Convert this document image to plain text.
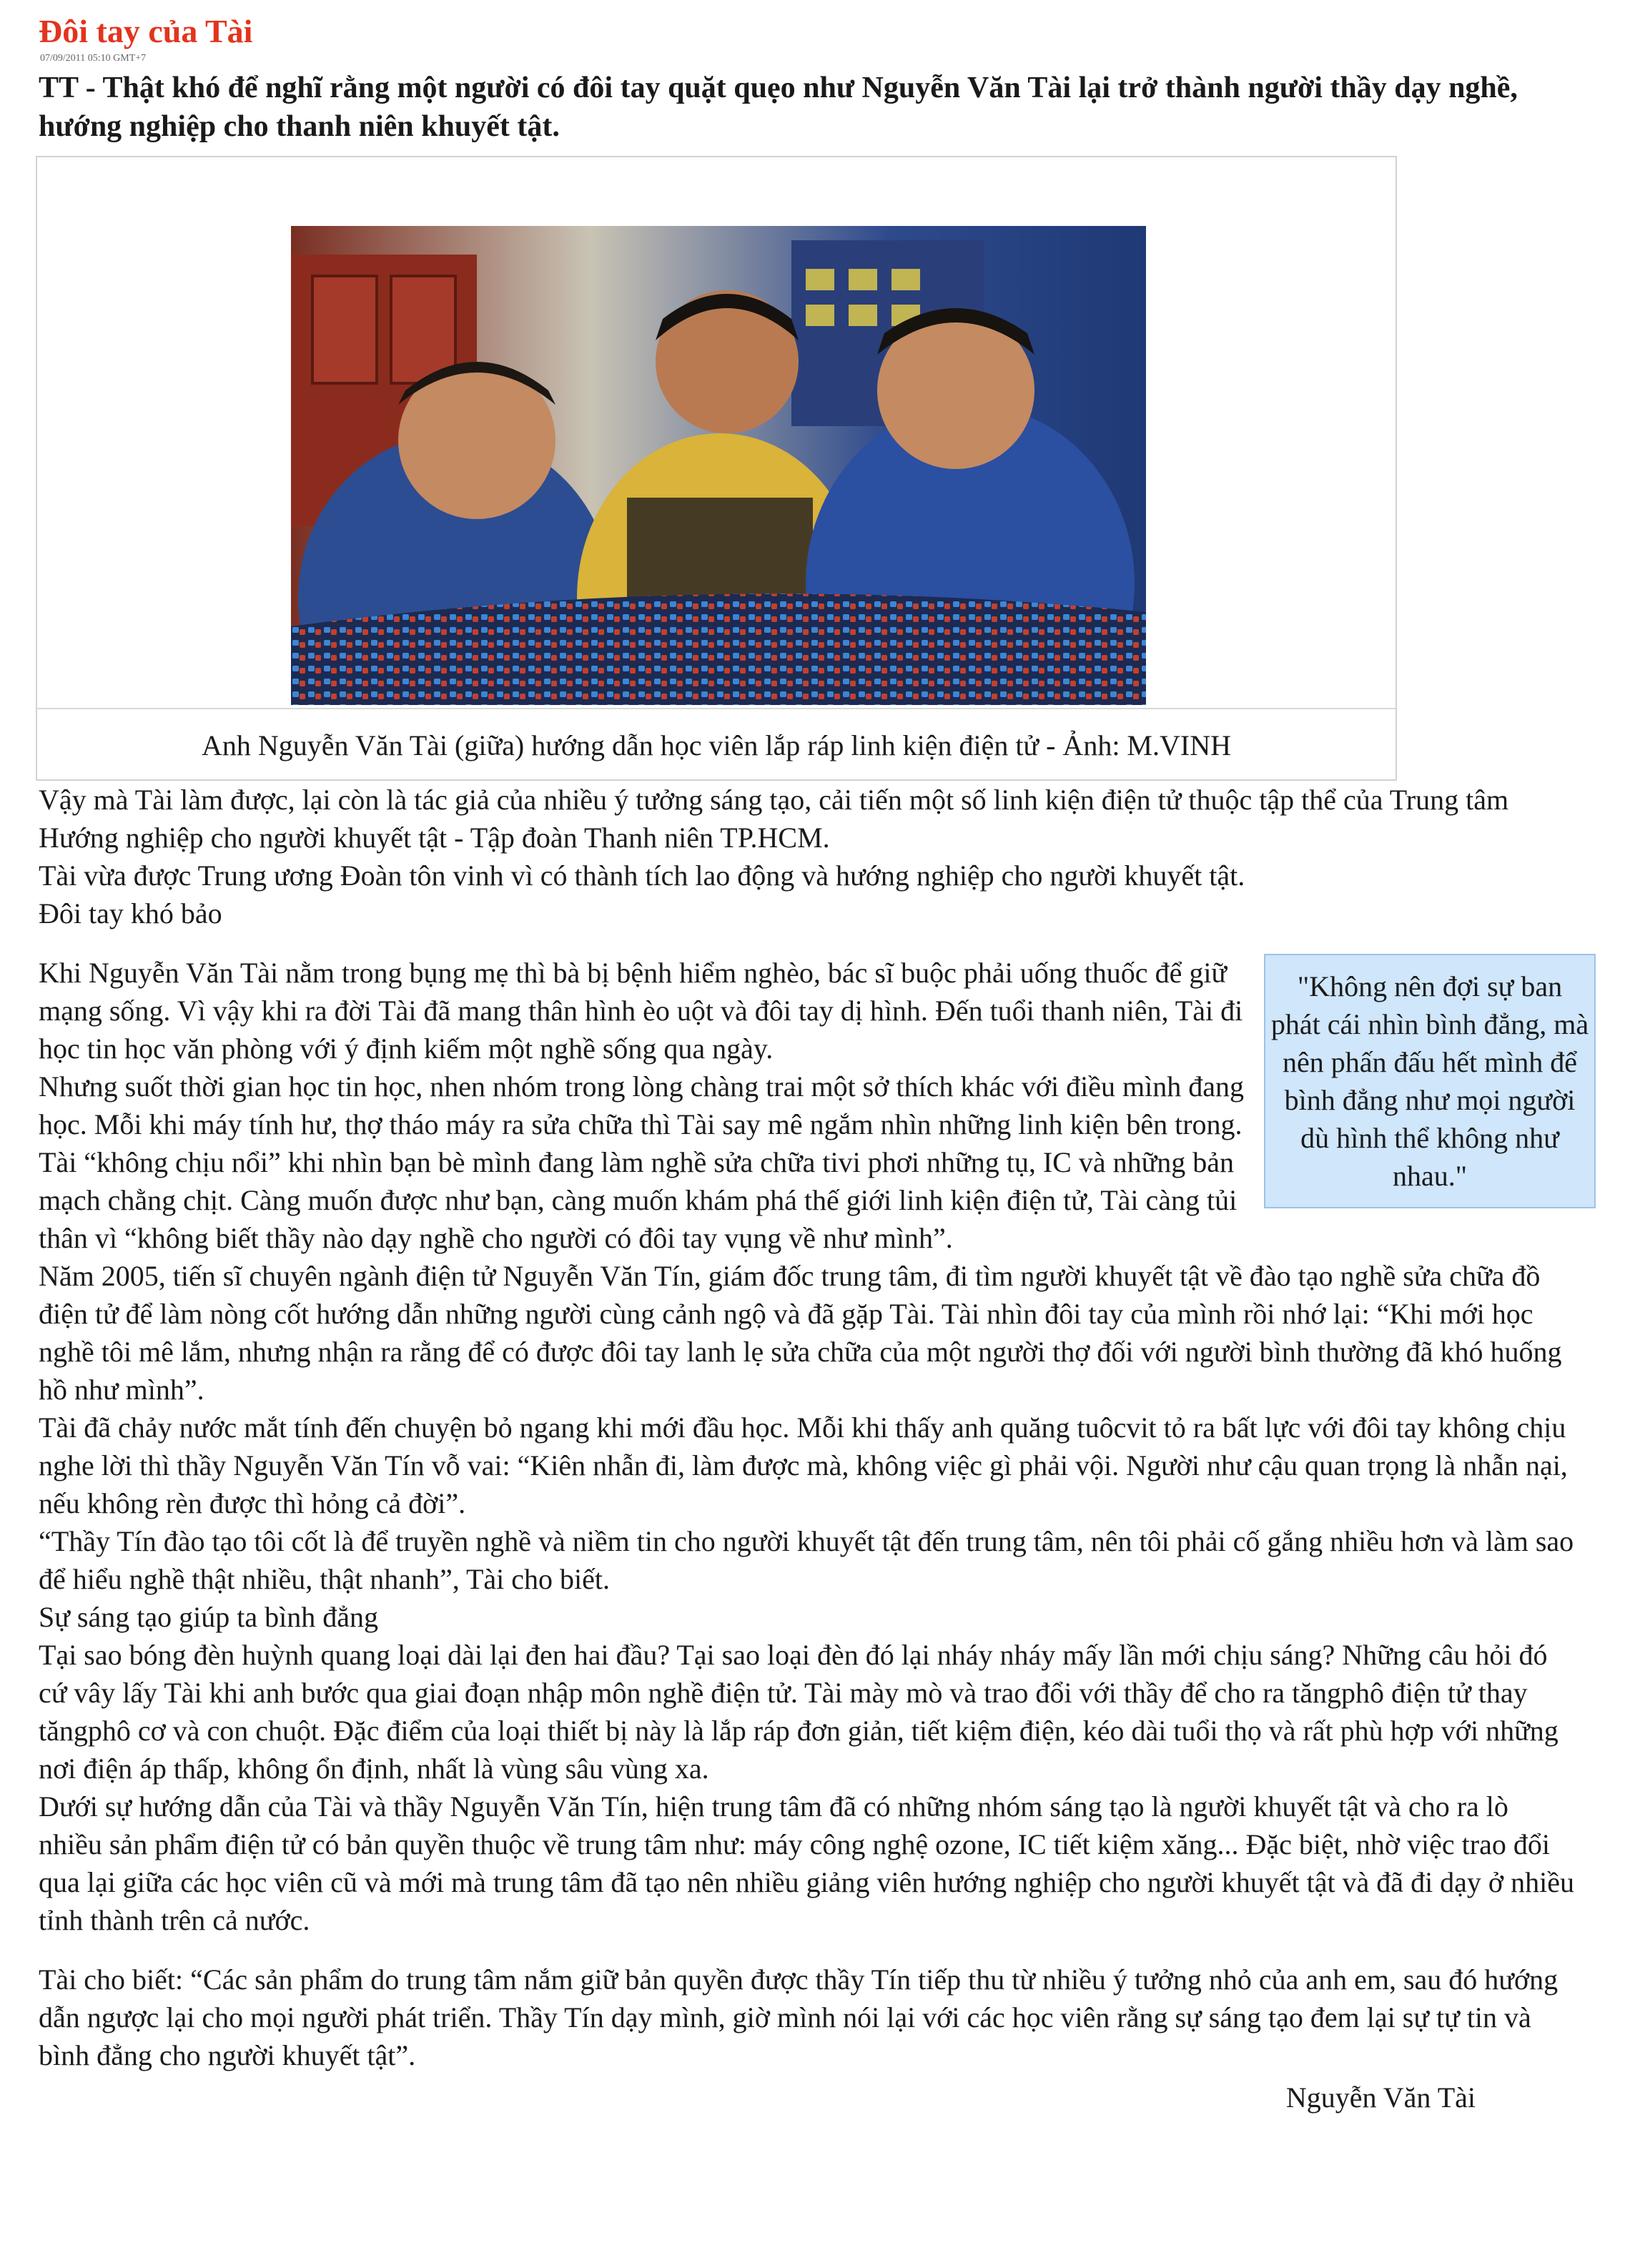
Đôi tay của Tài
07/09/2011 05:10 GMT+7
TT - Thật khó để nghĩ rằng một người có đôi tay quặt quẹo như Nguyễn Văn Tài lại trở thành người thầy dạy nghề, hướng nghiệp cho thanh niên khuyết tật.
Anh Nguyễn Văn Tài (giữa) hướng dẫn học viên lắp ráp linh kiện điện tử - Ảnh: M.VINH

Vậy mà Tài làm được, lại còn là tác giả của nhiều ý tưởng sáng tạo, cải tiến một số linh kiện điện tử thuộc tập thể của Trung tâm Hướng nghiệp cho người khuyết tật - Tập đoàn Thanh niên TP.HCM.

Tài vừa được Trung ương Đoàn tôn vinh vì có thành tích lao động và hướng nghiệp cho người khuyết tật.

Đôi tay khó bảo

"Không nên đợi sự ban phát cái nhìn bình đẳng, mà nên phấn đấu hết mình để bình đẳng như mọi người dù hình thể không như nhau."

Khi Nguyễn Văn Tài nằm trong bụng mẹ thì bà bị bệnh hiểm nghèo, bác sĩ buộc phải uống thuốc để giữ mạng sống. Vì vậy khi ra đời Tài đã mang thân hình èo uột và đôi tay dị hình. Đến tuổi thanh niên, Tài đi học tin học văn phòng với ý định kiếm một nghề sống qua ngày.

Nhưng suốt thời gian học tin học, nhen nhóm trong lòng chàng trai một sở thích khác với điều mình đang học. Mỗi khi máy tính hư, thợ tháo máy ra sửa chữa thì Tài say mê ngắm nhìn những linh kiện bên trong. Tài “không chịu nổi” khi nhìn bạn bè mình đang làm nghề sửa chữa tivi phơi những tụ, IC và những bản mạch chằng chịt. Càng muốn được như bạn, càng muốn khám phá thế giới linh kiện điện tử, Tài càng tủi thân vì “không biết thầy nào dạy nghề cho người có đôi tay vụng về như mình”.

Năm 2005, tiến sĩ chuyên ngành điện tử Nguyễn Văn Tín, giám đốc trung tâm, đi tìm người khuyết tật về đào tạo nghề sửa chữa đồ điện tử để làm nòng cốt hướng dẫn những người cùng cảnh ngộ và đã gặp Tài. Tài nhìn đôi tay của mình rồi nhớ lại: “Khi mới học nghề tôi mê lắm, nhưng nhận ra rằng để có được đôi tay lanh lẹ sửa chữa của một người thợ đối với người bình thường đã khó huống hồ như mình”.

Tài đã chảy nước mắt tính đến chuyện bỏ ngang khi mới đầu học. Mỗi khi thấy anh quăng tuôcvit tỏ ra bất lực với đôi tay không chịu nghe lời thì thầy Nguyễn Văn Tín vỗ vai: “Kiên nhẫn đi, làm được mà, không việc gì phải vội. Người như cậu quan trọng là nhẫn nại, nếu không rèn được thì hỏng cả đời”.

“Thầy Tín đào tạo tôi cốt là để truyền nghề và niềm tin cho người khuyết tật đến trung tâm, nên tôi phải cố gắng nhiều hơn và làm sao để hiểu nghề thật nhiều, thật nhanh”, Tài cho biết.

Sự sáng tạo giúp ta bình đẳng

Tại sao bóng đèn huỳnh quang loại dài lại đen hai đầu? Tại sao loại đèn đó lại nháy nháy mấy lần mới chịu sáng? Những câu hỏi đó cứ vây lấy Tài khi anh bước qua giai đoạn nhập môn nghề điện tử. Tài mày mò và trao đổi với thầy để cho ra tăngphô điện tử thay tăngphô cơ và con chuột. Đặc điểm của loại thiết bị này là lắp ráp đơn giản, tiết kiệm điện, kéo dài tuổi thọ và rất phù hợp với những nơi điện áp thấp, không ổn định, nhất là vùng sâu vùng xa.

Dưới sự hướng dẫn của Tài và thầy Nguyễn Văn Tín, hiện trung tâm đã có những nhóm sáng tạo là người khuyết tật và cho ra lò nhiều sản phẩm điện tử có bản quyền thuộc về trung tâm như: máy công nghệ ozone, IC tiết kiệm xăng... Đặc biệt, nhờ việc trao đổi qua lại giữa các học viên cũ và mới mà trung tâm đã tạo nên nhiều giảng viên hướng nghiệp cho người khuyết tật và đã đi dạy ở nhiều tỉnh thành trên cả nước.

Tài cho biết: “Các sản phẩm do trung tâm nắm giữ bản quyền được thầy Tín tiếp thu từ nhiều ý tưởng nhỏ của anh em, sau đó hướng dẫn ngược lại cho mọi người phát triển. Thầy Tín dạy mình, giờ mình nói lại với các học viên rằng sự sáng tạo đem lại sự tự tin và bình đẳng cho người khuyết tật”.

Nguyễn Văn Tài
